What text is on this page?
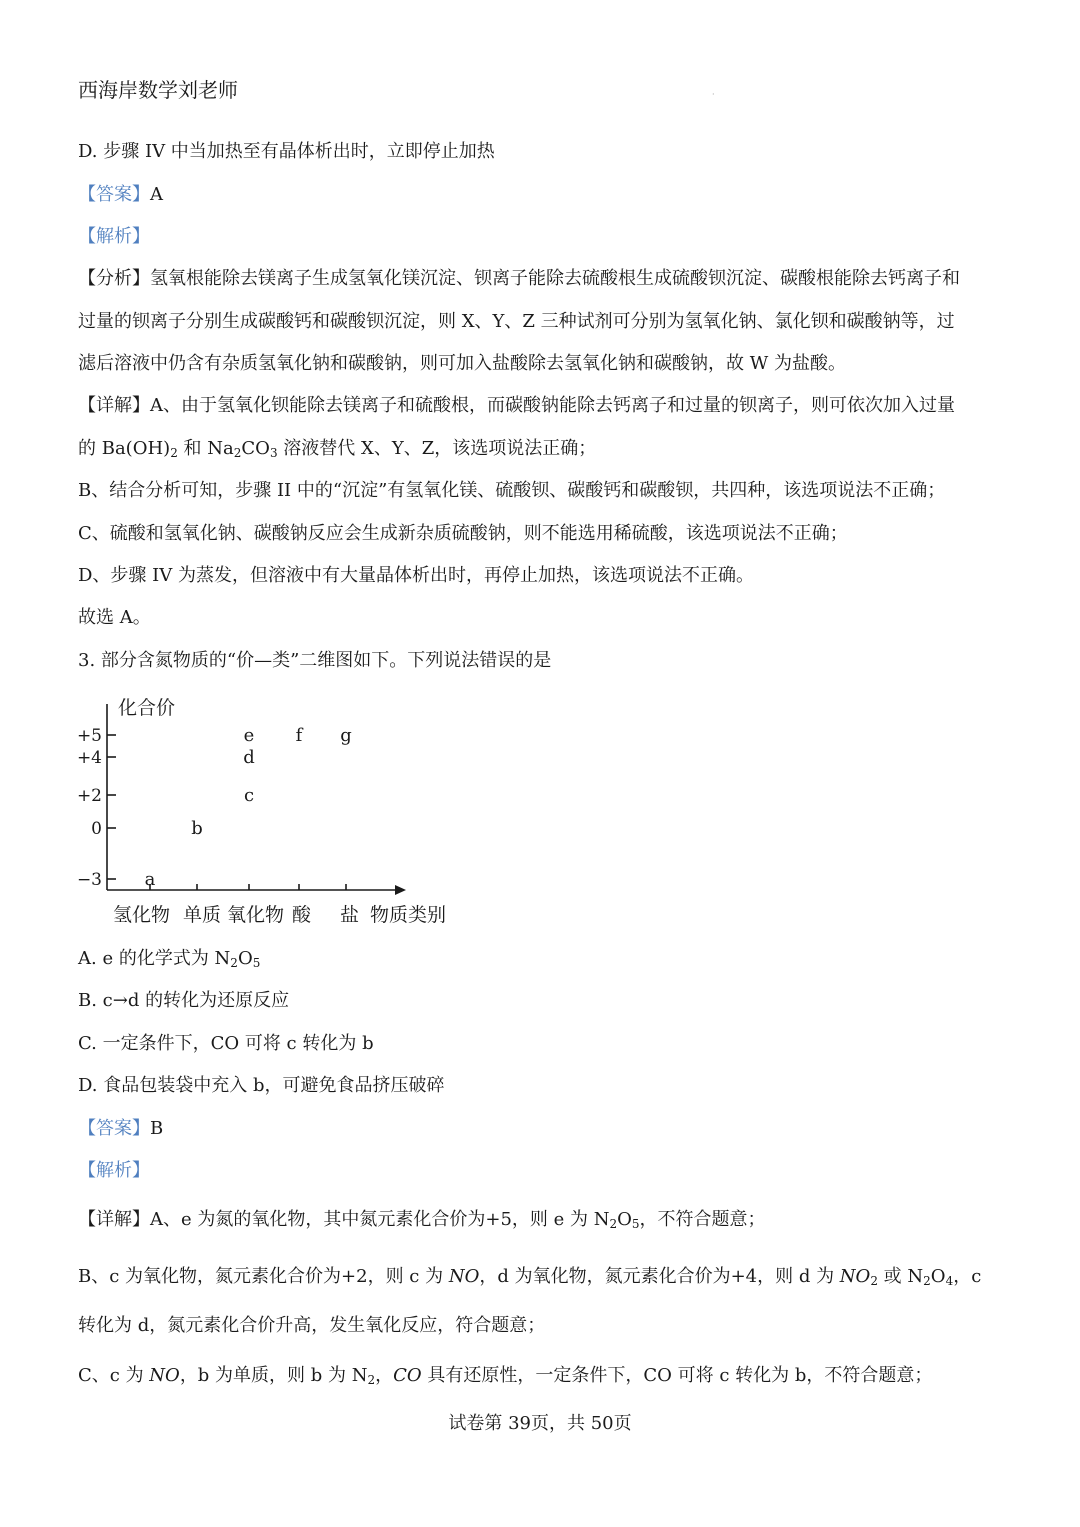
西海岸数学刘老师	·
D. 步骤 IV 中当加热至有晶体析出时，立即停止加热
【答案】A
【解析】
【分析】氢氧根能除去镁离子生成氢氧化镁沉淀、钡离子能除去硫酸根生成硫酸钡沉淀、碳酸根能除去钙离子和
过量的钡离子分别生成碳酸钙和碳酸钡沉淀，则 X、Y、Z 三种试剂可分别为氢氧化钠、氯化钡和碳酸钠等，过
滤后溶液中仍含有杂质氢氧化钠和碳酸钠，则可加入盐酸除去氢氧化钠和碳酸钠，故 W 为盐酸。
【详解】A、由于氢氧化钡能除去镁离子和硫酸根，而碳酸钠能除去钙离子和过量的钡离子，则可依次加入过量
的 $Ba(OH)_2$ 和 $Na_2CO_3$ 溶液替代 X、Y、Z，该选项说法正确；
B、结合分析可知，步骤 II 中的“沉淀”有氢氧化镁、硫酸钡、碳酸钙和碳酸钡，共四种，该选项说法不正确；
C、硫酸和氢氧化钠、碳酸钠反应会生成新杂质硫酸钠，则不能选用稀硫酸，该选项说法不正确；
D、步骤 IV 为蒸发，但溶液中有大量晶体析出时，再停止加热，该选项说法不正确。
故选 A。
3. 部分含氮物质的“价—类”二维图如下。下列说法错误的是
化合价
物质类别
+5
+4
+2
0
−3
氢化物 单质 氧化物 酸 盐
a
b
c
d
e f g
A. e 的化学式为 $N_2O_5$
B. c→d 的转化为还原反应
C. 一定条件下，CO 可将 c 转化为 b
D. 食品包装袋中充入 b，可避免食品挤压破碎
【答案】B
【解析】
【详解】A、e 为氮的氧化物，其中氮元素化合价为+5，则 e 为 $N_2O_5$，不符合题意；
B、c 为氧化物，氮元素化合价为+2，则 c 为 NO，d 为氧化物，氮元素化合价为+4，则 d 为 $NO_2$ 或 $N_2O_4$，c
转化为 d，氮元素化合价升高，发生氧化反应，符合题意；
C、c 为 NO，b 为单质，则 b 为 $N_2$，CO 具有还原性，一定条件下，CO 可将 c 转化为 b，不符合题意；
试卷第 39页，共 50页
